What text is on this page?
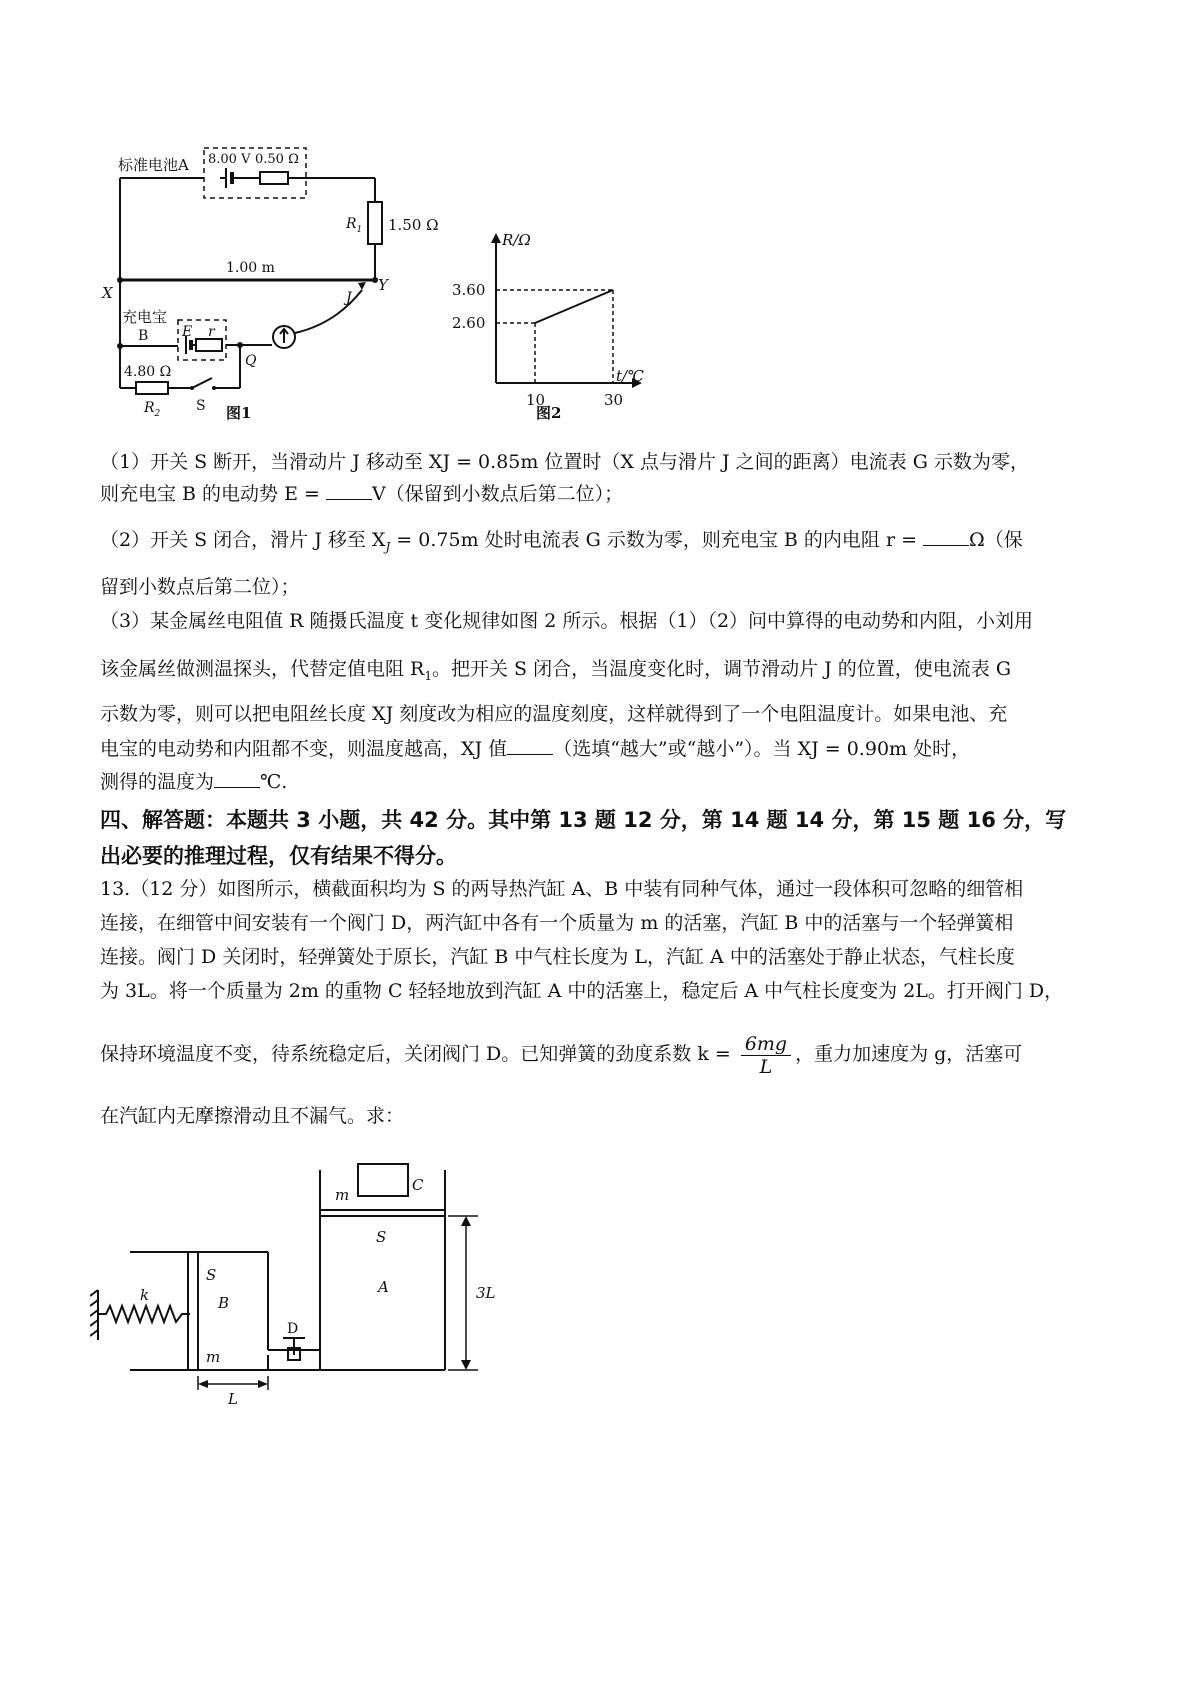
标准电池A 8.00 V 0.50 Ω
$R_1$ 1.50 Ω
1.00 m
X	Y
J
充电宝
B E r
Q
4.80 Ω
$R_2$	S 图1
3.60
2.60
10	30
R/Ω
t/℃
图2
（1）开关 S 断开，当滑动片 J 移动至 XJ = 0.85m 位置时（X 点与滑片 J 之间的距离）电流表 G 示数为零，
则充电宝 B 的电动势 E = V（保留到小数点后第二位）；
（2）开关 S 闭合，滑片 J 移至 $X_J = 0.75m$ 处时电流表 G 示数为零，则充电宝 B 的内电阻 r = Ω（保
留到小数点后第二位）；
（3）某金属丝电阻值 R 随摄氏温度 t 变化规律如图 2 所示。根据（1）（2）问中算得的电动势和内阻，小刘用
该金属丝做测温探头，代替定值电阻 $R_1$。把开关 S 闭合，当温度变化时，调节滑动片 J 的位置，使电流表 G
示数为零，则可以把电阻丝长度 XJ 刻度改为相应的温度刻度，这样就得到了一个电阻温度计。如果电池、充
电宝的电动势和内阻都不变，则温度越高，XJ 值 （选填“越大”或“越小”）。当 XJ = 0.90m 处时，
测得的温度为 ℃.
四、解答题：本题共 3 小题，共 42 分。其中第 13 题 12 分，第 14 题 14 分，第 15 题 16 分，写
出必要的推理过程，仅有结果不得分。
13.（12 分）如图所示，横截面积均为 S 的两导热汽缸 A、B 中装有同种气体，通过一段体积可忽略的细管相
连接，在细管中间安装有一个阀门 D，两汽缸中各有一个质量为 m 的活塞，汽缸 B 中的活塞与一个轻弹簧相
连接。阀门 D 关闭时，轻弹簧处于原长，汽缸 B 中气柱长度为 L，汽缸 A 中的活塞处于静止状态，气柱长度
为 3L。将一个质量为 2m 的重物 C 轻轻地放到汽缸 A 中的活塞上，稳定后 A 中气柱长度变为 2L。打开阀门 D，
保持环境温度不变，待系统稳定后，关闭阀门 D。已知弹簧的劲度系数 $k = \frac{6mg}{L}$ ，重力加速度为 g，活塞可
在汽缸内无摩擦滑动且不漏气。求：
m
C
S
A	3L
k
S
B
D
m
L
